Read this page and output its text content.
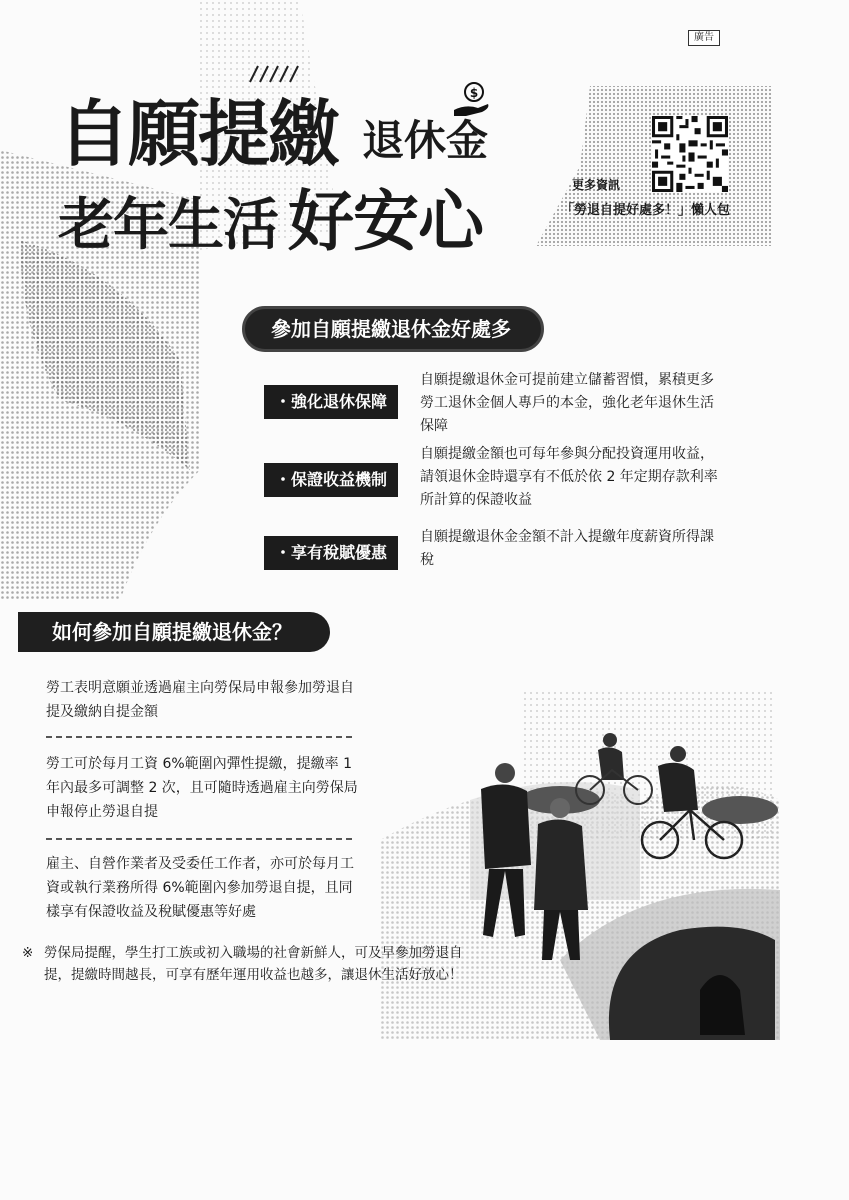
廣告
$
自願提繳 退休金
老年生活 好安心	更多資訊
「勞退自提好處多！」懶人包
參加自願提繳退休金好處多
・強化退休保障
自願提繳退休金可提前建立儲蓄習慣，累積更多勞工退休金個人專戶的本金，強化老年退休生活保障
・保證收益機制
自願提繳金額也可每年參與分配投資運用收益，請領退休金時還享有不低於依 2 年定期存款利率所計算的保證收益
・享有稅賦優惠
自願提繳退休金金額不計入提繳年度薪資所得課稅
如何參加自願提繳退休金？
勞工表明意願並透過雇主向勞保局申報參加勞退自提及繳納自提金額
勞工可於每月工資 6%範圍內彈性提繳，提繳率 1 年內最多可調整 2 次，且可隨時透過雇主向勞保局申報停止勞退自提
雇主、自營作業者及受委任工作者，亦可於每月工資或執行業務所得 6%範圍內參加勞退自提，且同樣享有保證收益及稅賦優惠等好處
※ 勞保局提醒，學生打工族或初入職場的社會新鮮人，可及早參加勞退自提，提繳時間越長，可享有歷年運用收益也越多，讓退休生活好放心！
